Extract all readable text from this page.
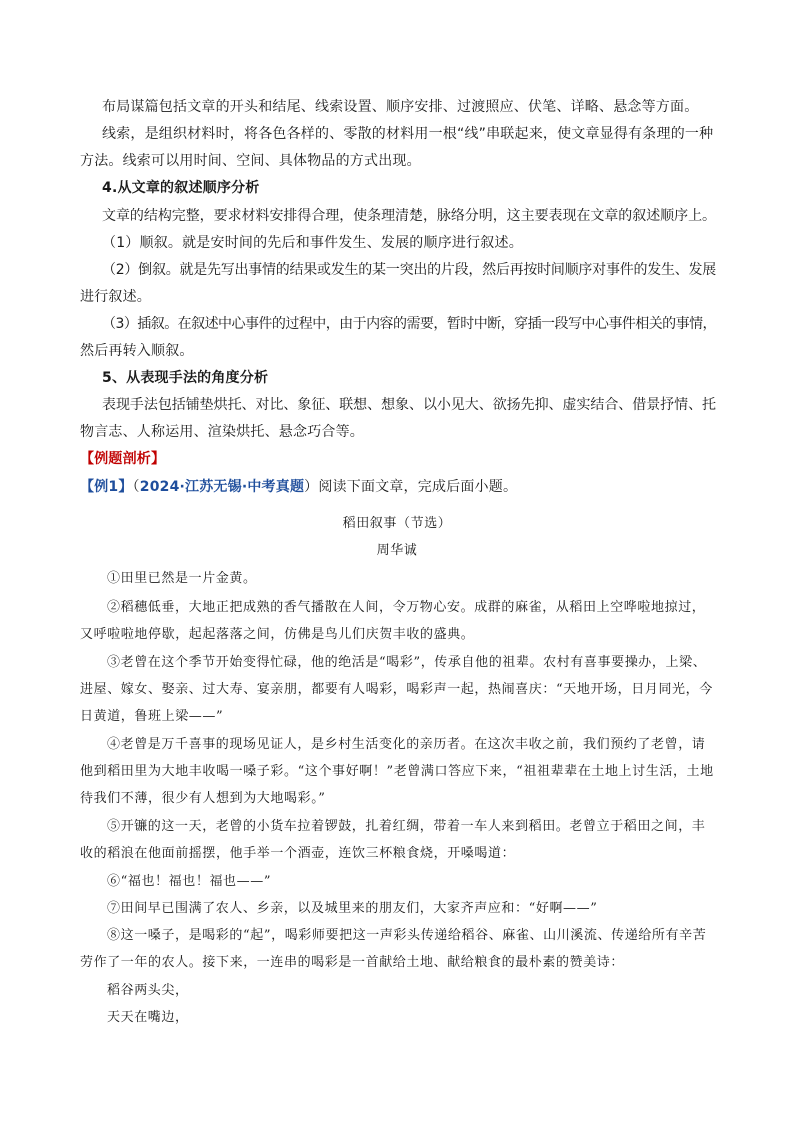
布局谋篇包括文章的开头和结尾、线索设置、顺序安排、过渡照应、伏笔、详略、悬念等方面。
线索，是组织材料时，将各色各样的、零散的材料用一根“线”串联起来，使文章显得有条理的一种
方法。线索可以用时间、空间、具体物品的方式出现。
4.从文章的叙述顺序分析
文章的结构完整，要求材料安排得合理，使条理清楚，脉络分明，这主要表现在文章的叙述顺序上。
（1）顺叙。就是安时间的先后和事件发生、发展的顺序进行叙述。
（2）倒叙。就是先写出事情的结果或发生的某一突出的片段，然后再按时间顺序对事件的发生、发展
进行叙述。
（3）插叙。在叙述中心事件的过程中，由于内容的需要，暂时中断，穿插一段写中心事件相关的事情，
然后再转入顺叙。
5、从表现手法的角度分析
表现手法包括铺垫烘托、对比、象征、联想、想象、以小见大、欲扬先抑、虚实结合、借景抒情、托
物言志、人称运用、渲染烘托、悬念巧合等。
【例题剖析】
【例1】（2024·江苏无锡·中考真题）阅读下面文章，完成后面小题。
稻田叙事（节选）
周华诚
①田里已然是一片金黄。
②稻穗低垂，大地正把成熟的香气播散在人间，令万物心安。成群的麻雀，从稻田上空哗啦地掠过，
又呼啦啦地停歇，起起落落之间，仿佛是鸟儿们庆贺丰收的盛典。
③老曾在这个季节开始变得忙碌，他的绝活是“喝彩”，传承自他的祖辈。农村有喜事要操办，上梁、
进屋、嫁女、娶亲、过大寿、宴亲朋，都要有人喝彩，喝彩声一起，热闹喜庆：“天地开场，日月同光，今
日黄道，鲁班上梁——”
④老曾是万千喜事的现场见证人，是乡村生活变化的亲历者。在这次丰收之前，我们预约了老曾，请
他到稻田里为大地丰收喝一嗓子彩。“这个事好啊！”老曾满口答应下来，“祖祖辈辈在土地上讨生活，土地
待我们不薄，很少有人想到为大地喝彩。”
⑤开镰的这一天，老曾的小货车拉着锣鼓，扎着红绸，带着一车人来到稻田。老曾立于稻田之间，丰
收的稻浪在他面前摇摆，他手举一个酒壶，连饮三杯粮食烧，开嗓喝道：
⑥“福也！福也！福也——”
⑦田间早已围满了农人、乡亲，以及城里来的朋友们，大家齐声应和：“好啊——”
⑧这一嗓子，是喝彩的“起”，喝彩师要把这一声彩头传递给稻谷、麻雀、山川溪流、传递给所有辛苦
劳作了一年的农人。接下来，一连串的喝彩是一首献给土地、献给粮食的最朴素的赞美诗：
稻谷两头尖，
天天在嘴边，
